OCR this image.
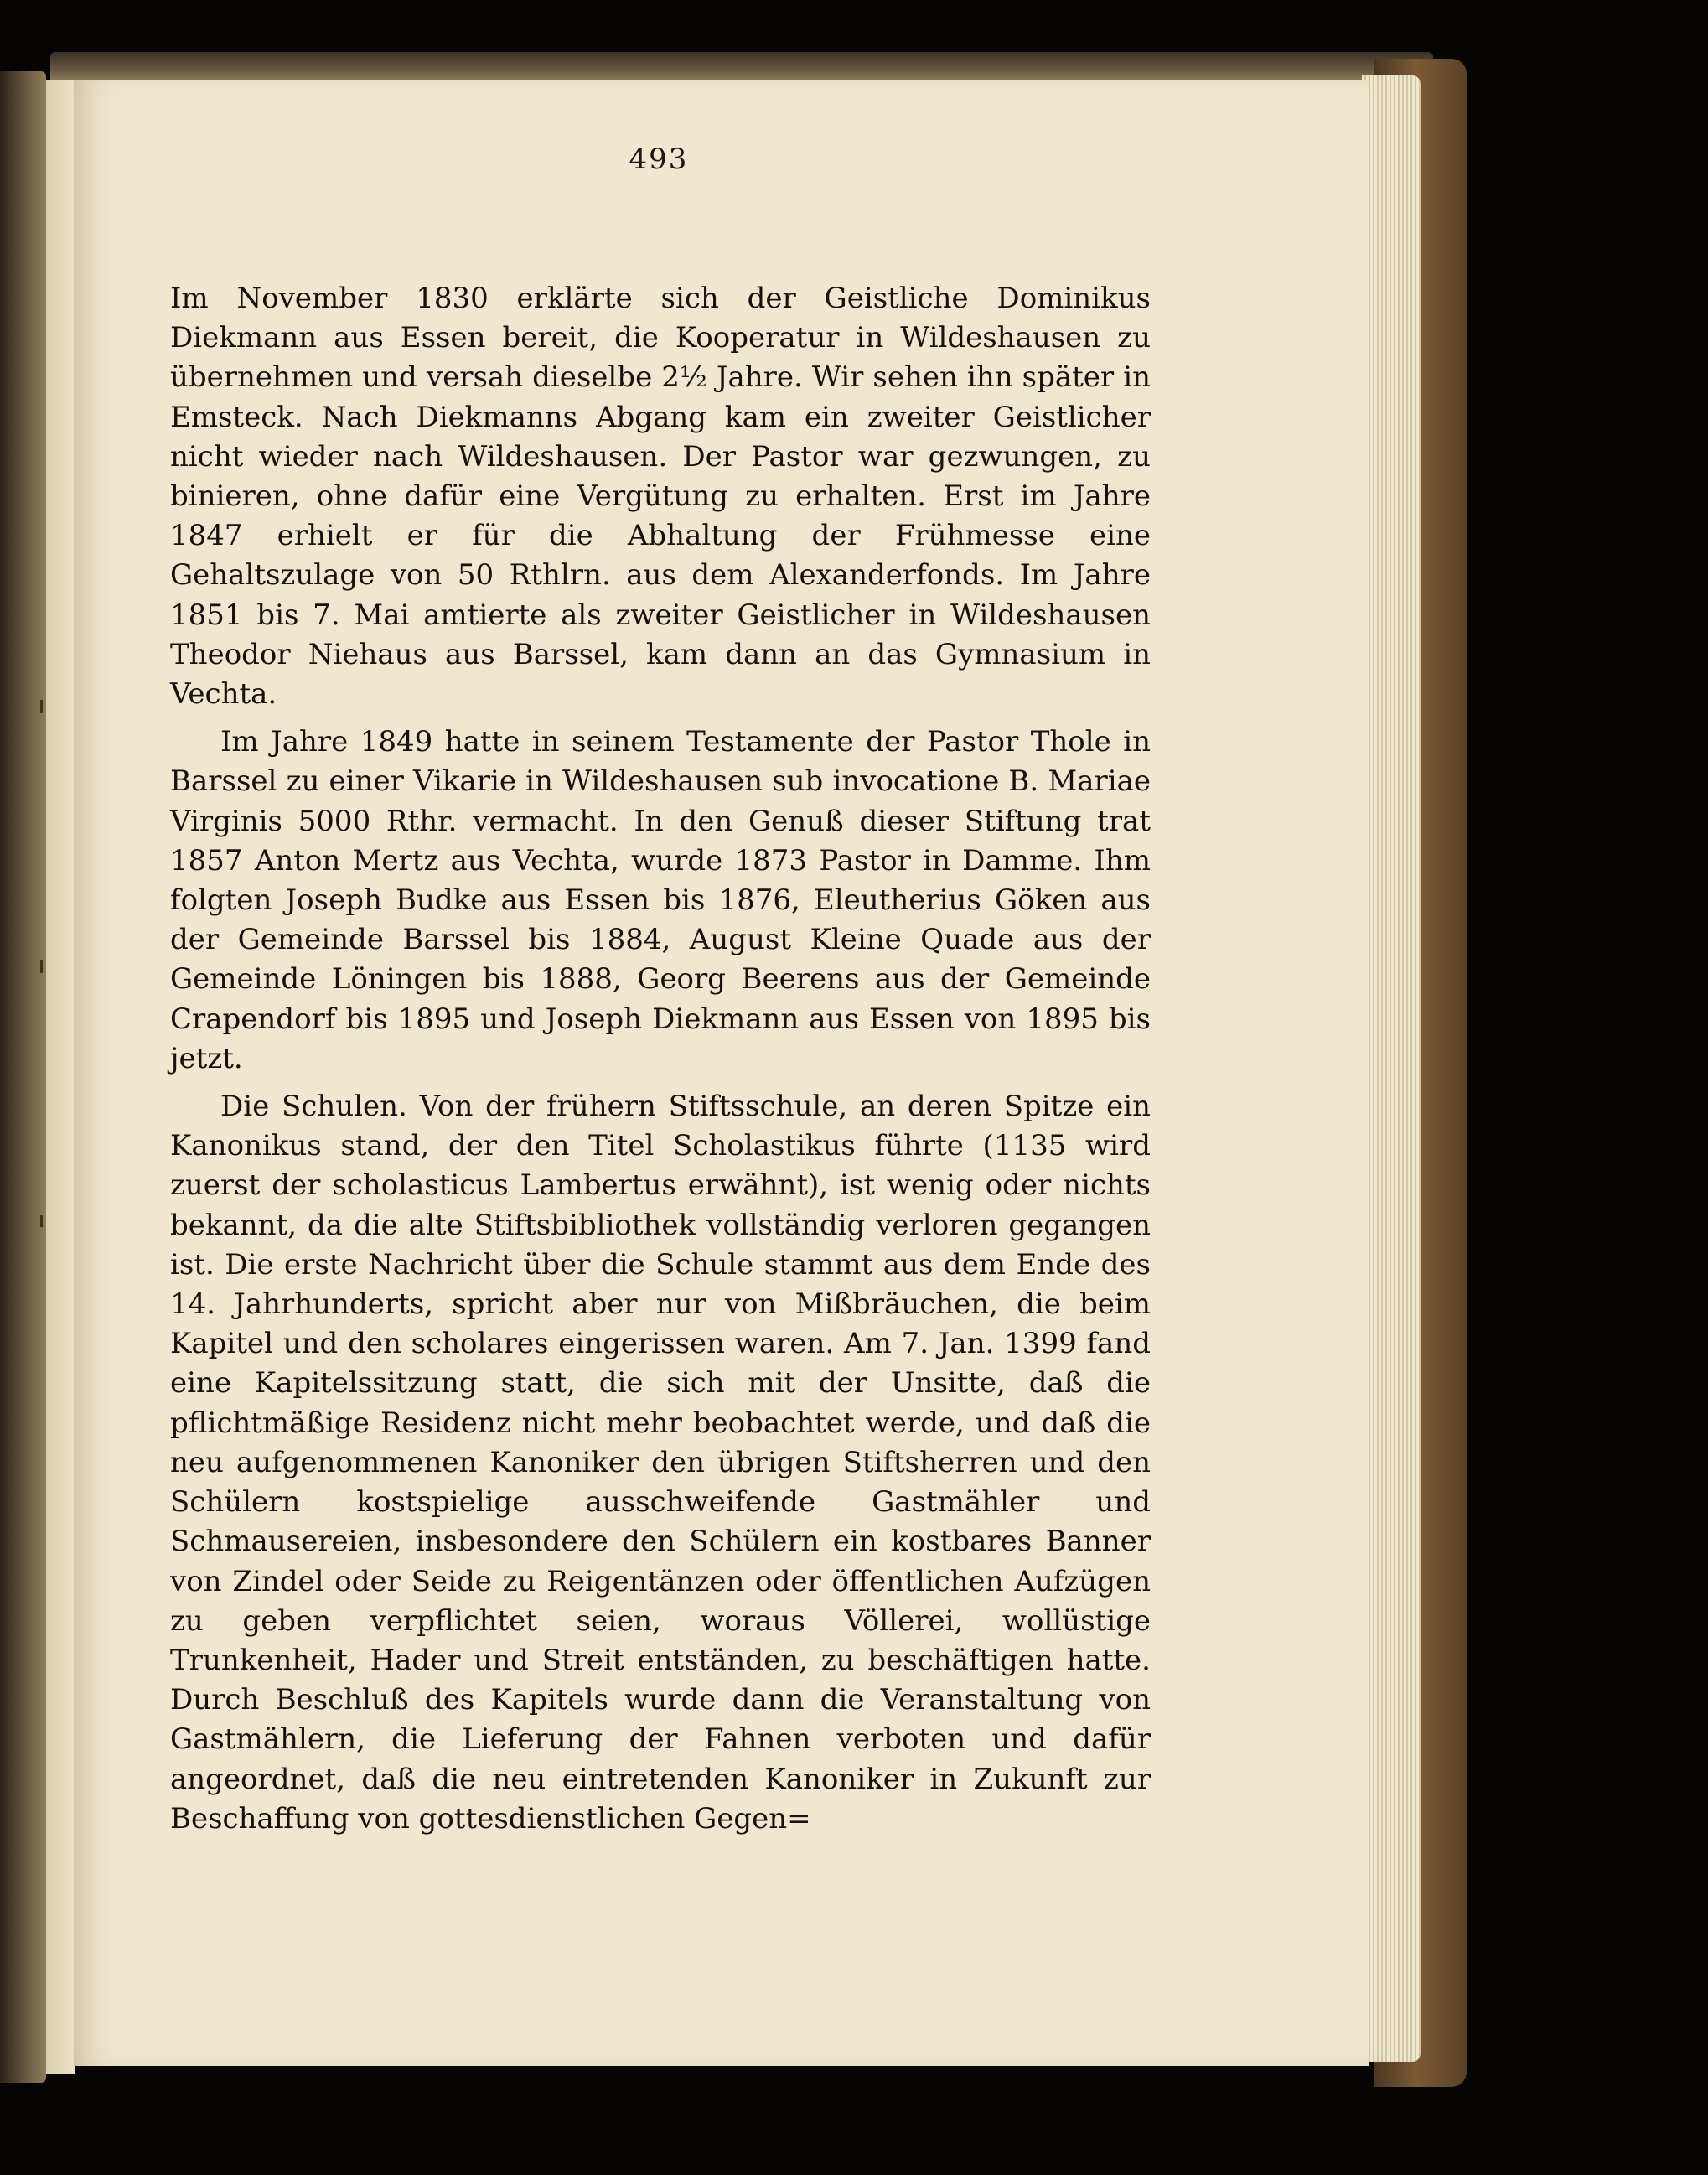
493

Im November 1830 erklärte sich der Geistliche Dominikus Diekmann aus Essen bereit, die Kooperatur in Wildeshausen zu übernehmen und versah dieselbe 2½ Jahre. Wir sehen ihn später in Emsteck. Nach Diekmanns Abgang kam ein zweiter Geistlicher nicht wieder nach Wildeshausen. Der Pastor war gezwungen, zu binieren, ohne dafür eine Vergütung zu erhalten. Erst im Jahre 1847 erhielt er für die Abhaltung der Frühmesse eine Gehaltszulage von 50 Rthlrn. aus dem Alexanderfonds. Im Jahre 1851 bis 7. Mai amtierte als zweiter Geistlicher in Wildeshausen Theodor Niehaus aus Barssel, kam dann an das Gymnasium in Vechta.

Im Jahre 1849 hatte in seinem Testamente der Pastor Thole in Barssel zu einer Vikarie in Wildeshausen sub invocatione B. Mariae Virginis 5000 Rthr. vermacht. In den Genuß dieser Stiftung trat 1857 Anton Mertz aus Vechta, wurde 1873 Pastor in Damme. Ihm folgten Joseph Budke aus Essen bis 1876, Eleutherius Göken aus der Gemeinde Barssel bis 1884, August Kleine Quade aus der Gemeinde Löningen bis 1888, Georg Beerens aus der Gemeinde Crapendorf bis 1895 und Joseph Diekmann aus Essen von 1895 bis jetzt.

Die Schulen. Von der frühern Stiftsschule, an deren Spitze ein Kanonikus stand, der den Titel Scholastikus führte (1135 wird zuerst der scholasticus Lambertus erwähnt), ist wenig oder nichts bekannt, da die alte Stiftsbibliothek vollständig verloren gegangen ist. Die erste Nachricht über die Schule stammt aus dem Ende des 14. Jahrhunderts, spricht aber nur von Mißbräuchen, die beim Kapitel und den scholares eingerissen waren. Am 7. Jan. 1399 fand eine Kapitelssitzung statt, die sich mit der Unsitte, daß die pflichtmäßige Residenz nicht mehr beobachtet werde, und daß die neu aufgenommenen Kanoniker den übrigen Stiftsherren und den Schülern kostspielige ausschweifende Gastmähler und Schmausereien, insbesondere den Schülern ein kostbares Banner von Zindel oder Seide zu Reigentänzen oder öffentlichen Aufzügen zu geben verpflichtet seien, woraus Völlerei, wollüstige Trunkenheit, Hader und Streit entständen, zu beschäftigen hatte. Durch Beschluß des Kapitels wurde dann die Veranstaltung von Gastmählern, die Lieferung der Fahnen verboten und dafür angeordnet, daß die neu eintretenden Kanoniker in Zukunft zur Beschaffung von gottesdienstlichen Gegen=
